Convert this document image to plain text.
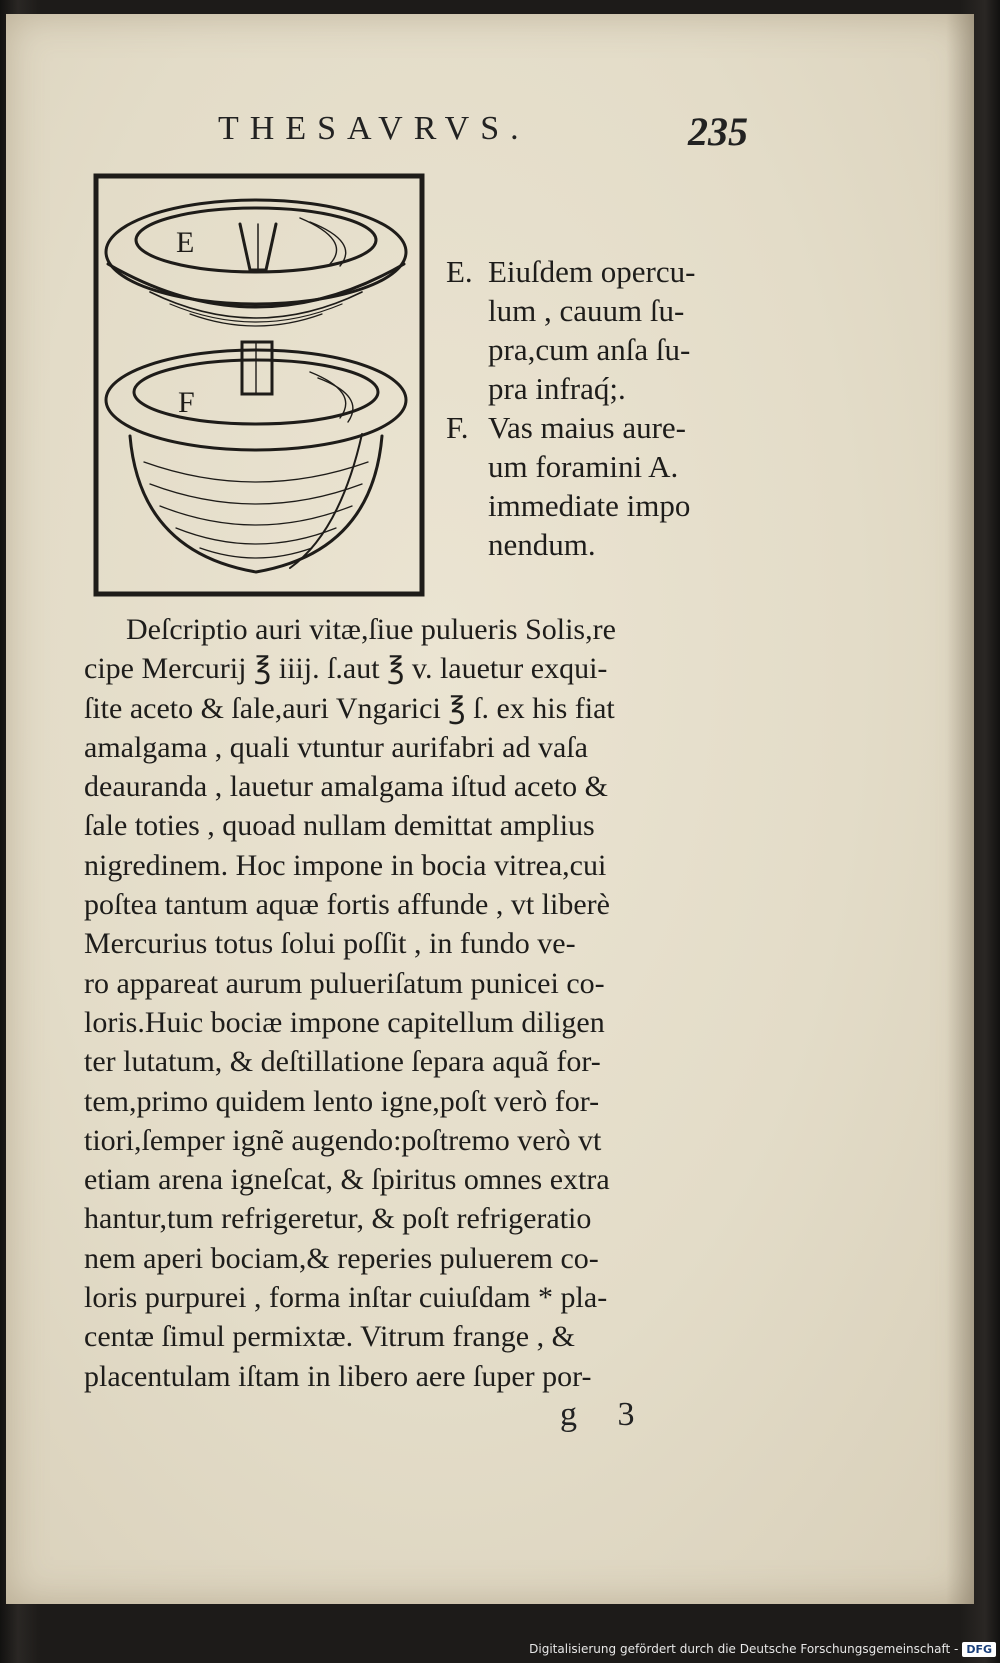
THESAVRVS.	235
E
F
E. Eiuſdem opercu-
lum , cauum ſu-
pra,cum anſa ſu-
pra infraq́;.
F. Vas maius aure-
um foramini A.
immediate impo
nendum.
Deſcriptio auri vitæ,ſiue pulueris Solis,re
cipe Mercurij ℥ iiij. ſ.aut ℥ v. lauetur exqui-
ſite aceto & ſale,auri Vngarici ℥ ſ. ex his fiat
amalgama , quali vtuntur aurifabri ad vaſa
deauranda , lauetur amalgama iſtud aceto &
ſale toties , quoad nullam demittat amplius
nigredinem. Hoc impone in bocia vitrea,cui
poſtea tantum aquæ fortis affunde , vt liberè
Mercurius totus ſolui poſſit , in fundo ve-
ro appareat aurum pulueriſatum punicei co-
loris.Huic bociæ impone capitellum diligen
ter lutatum, & deſtillatione ſepara aquã for-
tem,primo quidem lento igne,poſt verò for-
tiori,ſemper ignẽ augendo:poſtremo verò vt
etiam arena igneſcat, & ſpiritus omnes extra
hantur,tum refrigeretur, & poſt refrigeratio
nem aperi bociam,& reperies puluerem co-
loris purpurei , forma inſtar cuiuſdam * pla-
centæ ſimul permixtæ. Vitrum frange , &
placentulam iſtam in libero aere ſuper por-
g 3
Digitalisierung gefördert durch die Deutsche Forschungsgemeinschaft - DFG
